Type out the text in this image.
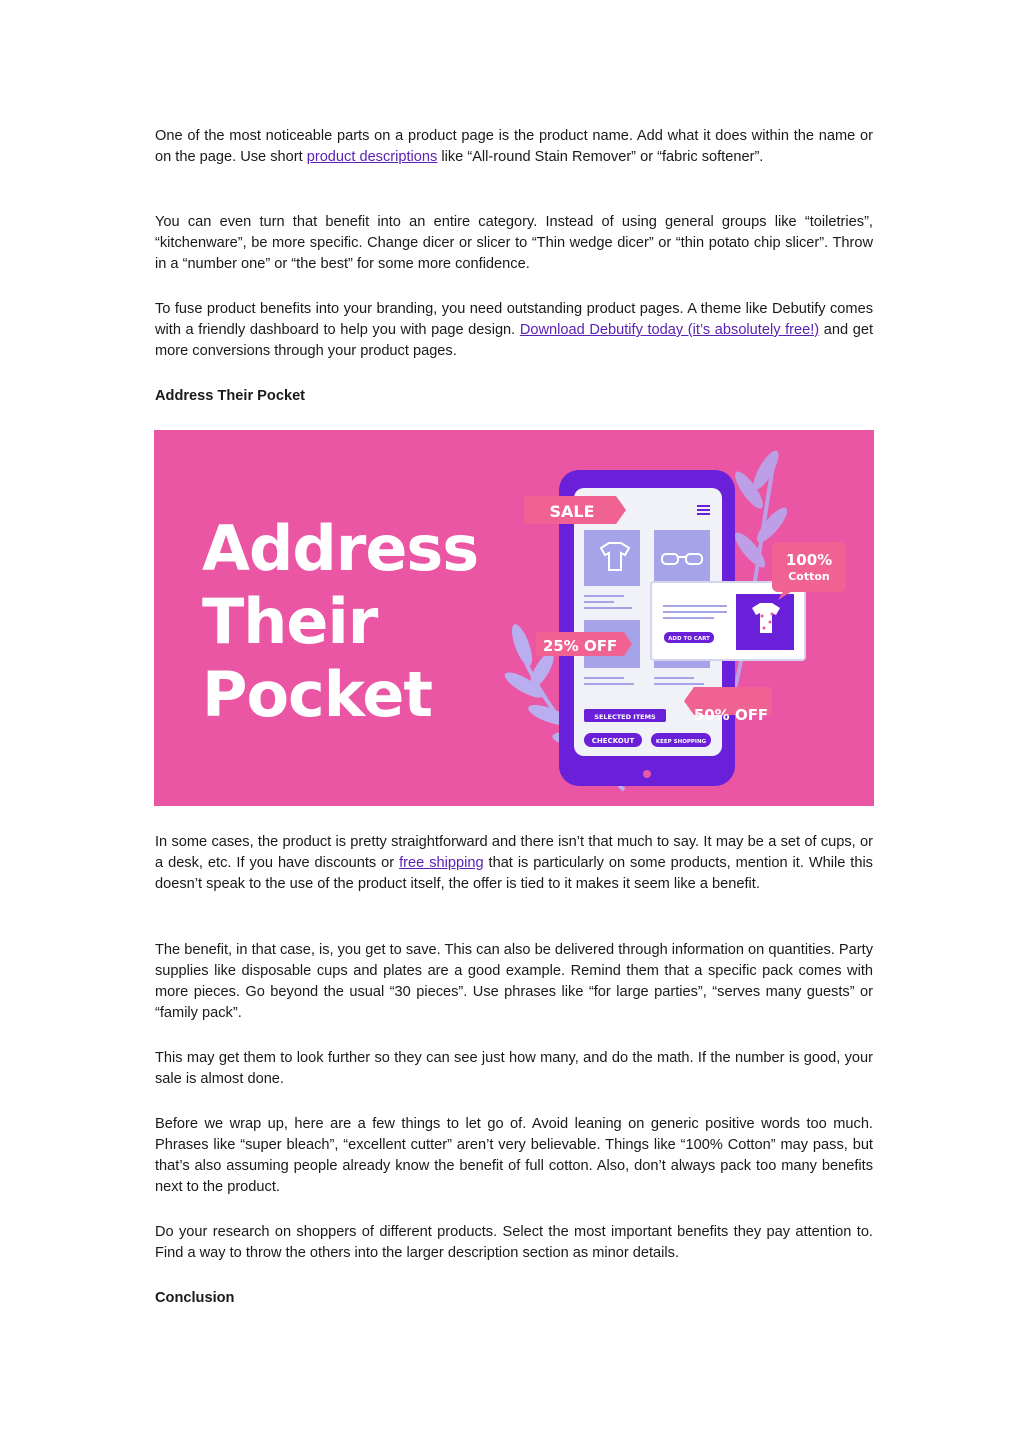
One of the most noticeable parts on a product page is the product name. Add what it does within the name or on the page. Use short product descriptions like “All-round Stain Remover” or “fabric softener”.

You can even turn that benefit into an entire category. Instead of using general groups like “toiletries”, “kitchenware”, be more specific. Change dicer or slicer to “Thin wedge dicer” or “thin potato chip slicer”. Throw in a “number one” or “the best” for some more confidence.

To fuse product benefits into your branding, you need outstanding product pages. A theme like Debutify comes with a friendly dashboard to help you with page design. Download Debutify today (it’s absolutely free!) and get more conversions through your product pages.

Address Their Pocket

SELECTED ITEMS
CHECKOUT	KEEP SHOPPING
SALE
ADD TO CART
100%
Cotton
25% OFF
50% OFF
Address
Their
Pocket

In some cases, the product is pretty straightforward and there isn’t that much to say. It may be a set of cups, or a desk, etc. If you have discounts or free shipping that is particularly on some products, mention it. While this doesn’t speak to the use of the product itself, the offer is tied to it makes it seem like a benefit.

The benefit, in that case, is, you get to save. This can also be delivered through information on quantities. Party supplies like disposable cups and plates are a good example. Remind them that a specific pack comes with more pieces. Go beyond the usual “30 pieces”. Use phrases like “for large parties”, “serves many guests” or “family pack”.

This may get them to look further so they can see just how many, and do the math. If the number is good, your sale is almost done.

Before we wrap up, here are a few things to let go of. Avoid leaning on generic positive words too much. Phrases like “super bleach”, “excellent cutter” aren’t very believable. Things like “100% Cotton” may pass, but that’s also assuming people already know the benefit of full cotton. Also, don’t always pack too many benefits next to the product.

Do your research on shoppers of different products. Select the most important benefits they pay attention to. Find a way to throw the others into the larger description section as minor details.

Conclusion
